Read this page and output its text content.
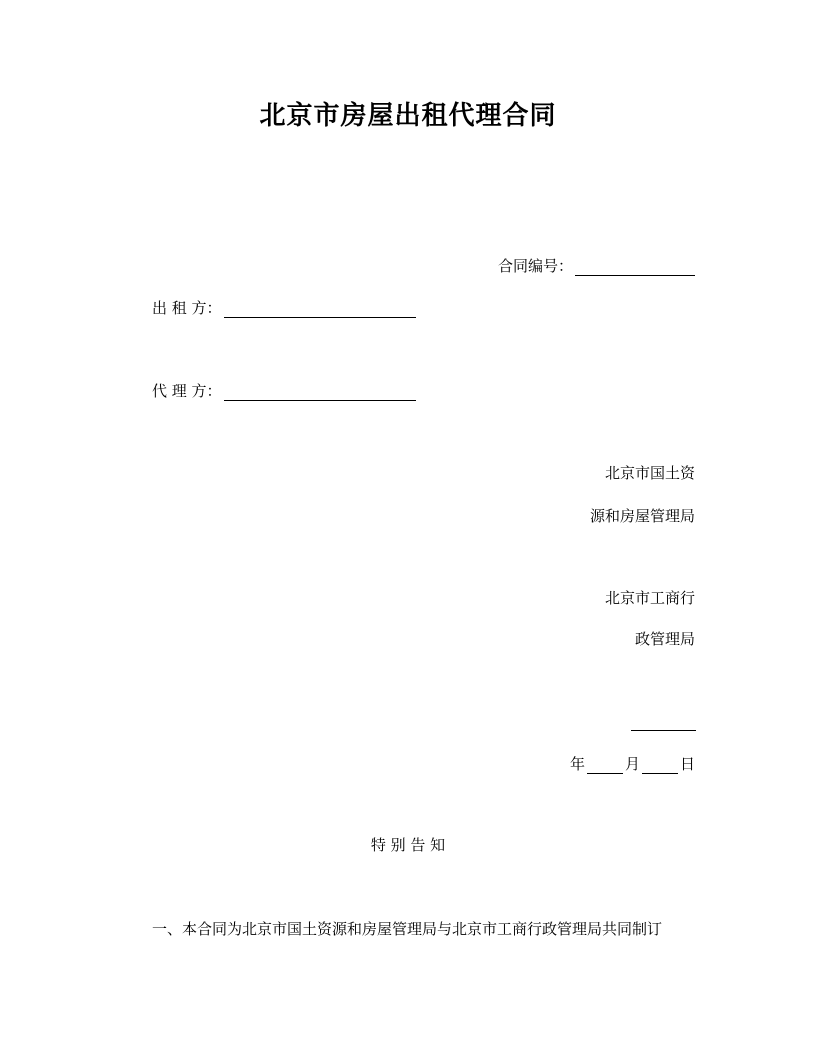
北京市房屋出租代理合同
合同编号：
出 租 方：
代 理 方：
北京市国土资
源和房屋管理局
北京市工商行
政管理局
年	月	日
特 别 告 知
一、本合同为北京市国土资源和房屋管理局与北京市工商行政管理局共同制订
